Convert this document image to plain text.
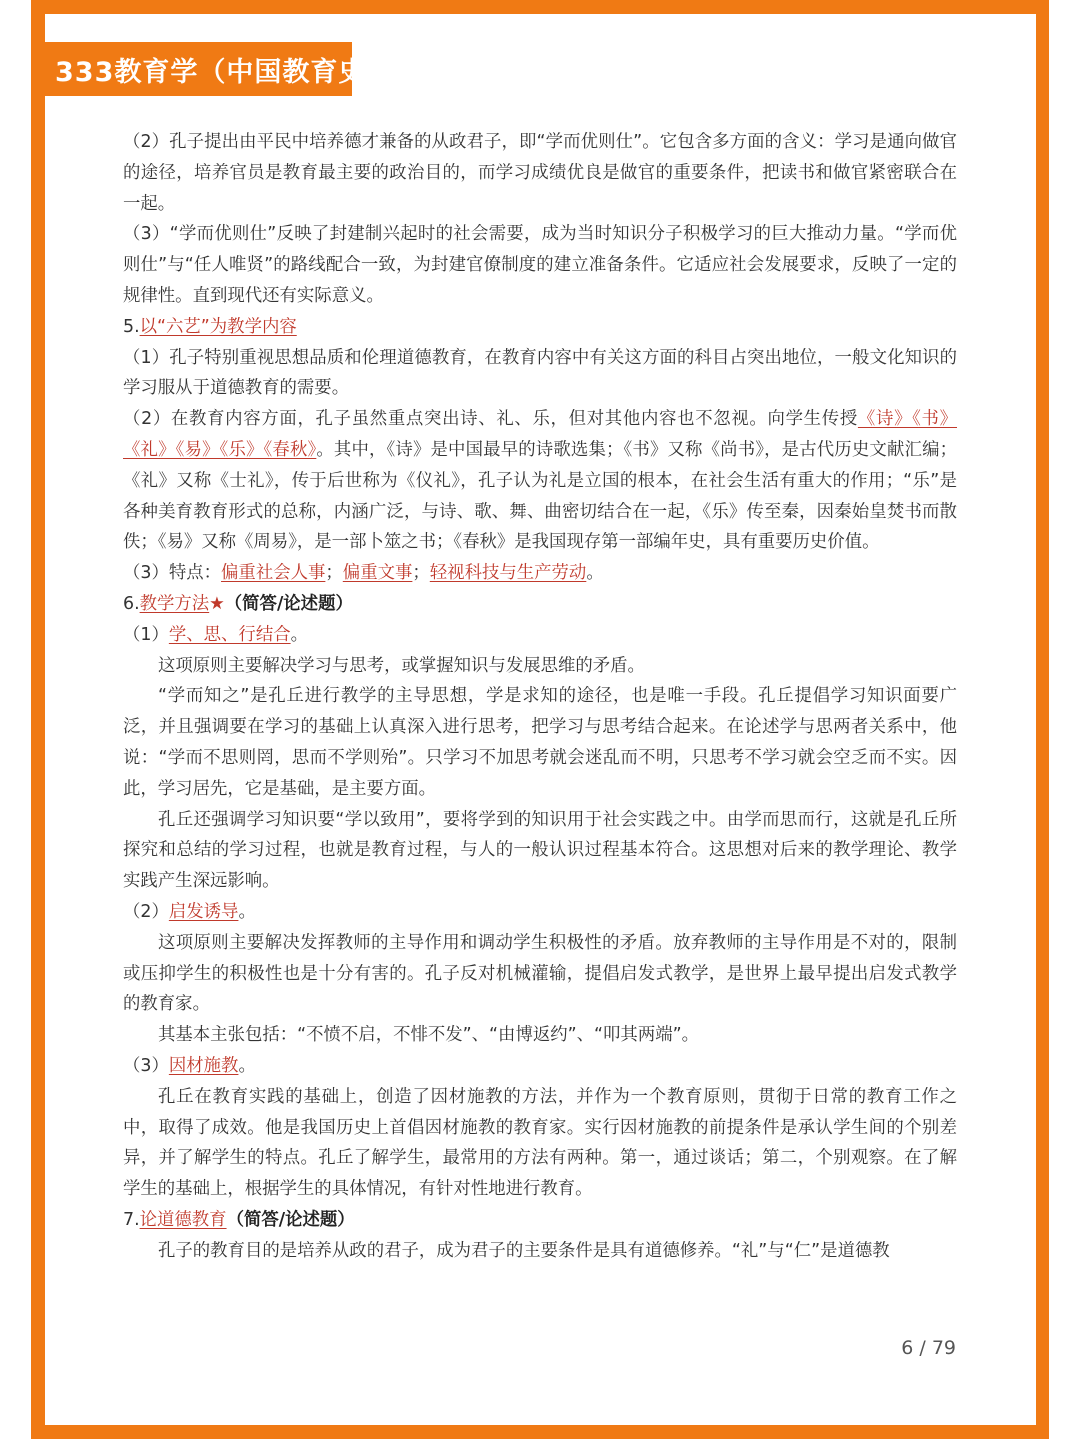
333教育学（中国教育史）

（2）孔子提出由平民中培养德才兼备的从政君子，即“学而优则仕”。它包含多方面的含义：学习是通向做官的途径，培养官员是教育最主要的政治目的，而学习成绩优良是做官的重要条件，把读书和做官紧密联合在一起。

（3）“学而优则仕”反映了封建制兴起时的社会需要，成为当时知识分子积极学习的巨大推动力量。“学而优则仕”与“任人唯贤”的路线配合一致，为封建官僚制度的建立准备条件。它适应社会发展要求，反映了一定的规律性。直到现代还有实际意义。

5.以“六艺”为教学内容

（1）孔子特别重视思想品质和伦理道德教育，在教育内容中有关这方面的科目占突出地位，一般文化知识的学习服从于道德教育的需要。

（2）在教育内容方面，孔子虽然重点突出诗、礼、乐，但对其他内容也不忽视。向学生传授《诗》《书》《礼》《易》《乐》《春秋》。其中，《诗》是中国最早的诗歌选集；《书》又称《尚书》，是古代历史文献汇编；《礼》又称《士礼》，传于后世称为《仪礼》，孔子认为礼是立国的根本，在社会生活有重大的作用；“乐”是各种美育教育形式的总称，内涵广泛，与诗、歌、舞、曲密切结合在一起，《乐》传至秦，因秦始皇焚书而散佚；《易》又称《周易》，是一部卜筮之书；《春秋》是我国现存第一部编年史，具有重要历史价值。

（3）特点：偏重社会人事；偏重文事；轻视科技与生产劳动。

6.教学方法★（简答/论述题）

（1）学、思、行结合。

这项原则主要解决学习与思考，或掌握知识与发展思维的矛盾。

“学而知之”是孔丘进行教学的主导思想，学是求知的途径，也是唯一手段。孔丘提倡学习知识面要广泛，并且强调要在学习的基础上认真深入进行思考，把学习与思考结合起来。在论述学与思两者关系中，他说：“学而不思则罔，思而不学则殆”。只学习不加思考就会迷乱而不明，只思考不学习就会空乏而不实。因此，学习居先，它是基础，是主要方面。

孔丘还强调学习知识要“学以致用”，要将学到的知识用于社会实践之中。由学而思而行，这就是孔丘所探究和总结的学习过程，也就是教育过程，与人的一般认识过程基本符合。这思想对后来的教学理论、教学实践产生深远影响。

（2）启发诱导。

这项原则主要解决发挥教师的主导作用和调动学生积极性的矛盾。放弃教师的主导作用是不对的，限制或压抑学生的积极性也是十分有害的。孔子反对机械灌输，提倡启发式教学，是世界上最早提出启发式教学的教育家。

其基本主张包括：“不愤不启，不悱不发”、“由博返约”、“叩其两端”。

（3）因材施教。

孔丘在教育实践的基础上，创造了因材施教的方法，并作为一个教育原则，贯彻于日常的教育工作之中，取得了成效。他是我国历史上首倡因材施教的教育家。实行因材施教的前提条件是承认学生间的个别差异，并了解学生的特点。孔丘了解学生，最常用的方法有两种。第一，通过谈话；第二，个别观察。在了解学生的基础上，根据学生的具体情况，有针对性地进行教育。

7.论道德教育（简答/论述题）

孔子的教育目的是培养从政的君子，成为君子的主要条件是具有道德修养。“礼”与“仁”是道德教

6 / 79
